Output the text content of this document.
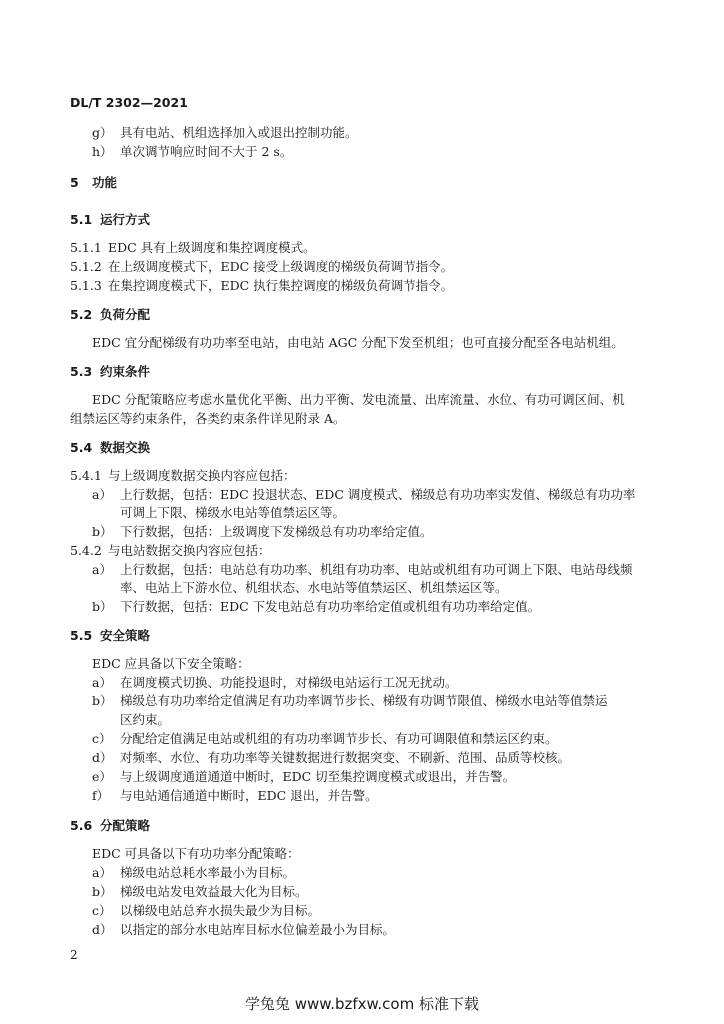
DL/T 2302—2021
g） 具有电站、机组选择加入或退出控制功能。
h） 单次调节响应时间不大于 2 s。
5 功能
5.1 运行方式
5.1.1 EDC 具有上级调度和集控调度模式。
5.1.2 在上级调度模式下，EDC 接受上级调度的梯级负荷调节指令。
5.1.3 在集控调度模式下，EDC 执行集控调度的梯级负荷调节指令。
5.2 负荷分配
EDC 宜分配梯级有功功率至电站，由电站 AGC 分配下发至机组；也可直接分配至各电站机组。
5.3 约束条件
EDC 分配策略应考虑水量优化平衡、出力平衡、发电流量、出库流量、水位、有功可调区间、机
组禁运区等约束条件，各类约束条件详见附录 A。
5.4 数据交换
5.4.1 与上级调度数据交换内容应包括：
a） 上行数据，包括：EDC 投退状态、EDC 调度模式、梯级总有功功率实发值、梯级总有功功率
可调上下限、梯级水电站等值禁运区等。
b） 下行数据，包括：上级调度下发梯级总有功功率给定值。
5.4.2 与电站数据交换内容应包括：
a） 上行数据，包括：电站总有功功率、机组有功功率、电站或机组有功可调上下限、电站母线频
率、电站上下游水位、机组状态、水电站等值禁运区、机组禁运区等。
b） 下行数据，包括：EDC 下发电站总有功功率给定值或机组有功功率给定值。
5.5 安全策略
EDC 应具备以下安全策略：
a） 在调度模式切换、功能投退时，对梯级电站运行工况无扰动。
b） 梯级总有功功率给定值满足有功功率调节步长、梯级有功调节限值、梯级水电站等值禁运
区约束。
c） 分配给定值满足电站或机组的有功功率调节步长、有功可调限值和禁运区约束。
d） 对频率、水位、有功功率等关键数据进行数据突变、不刷新、范围、品质等校核。
e） 与上级调度通道通道中断时，EDC 切至集控调度模式或退出，并告警。
f） 与电站通信通道中断时，EDC 退出，并告警。
5.6 分配策略
EDC 可具备以下有功功率分配策略：
a） 梯级电站总耗水率最小为目标。
b） 梯级电站发电效益最大化为目标。
c） 以梯级电站总弃水损失最少为目标。
d） 以指定的部分水电站库目标水位偏差最小为目标。
2
学兔兔 www.bzfxw.com 标准下载
